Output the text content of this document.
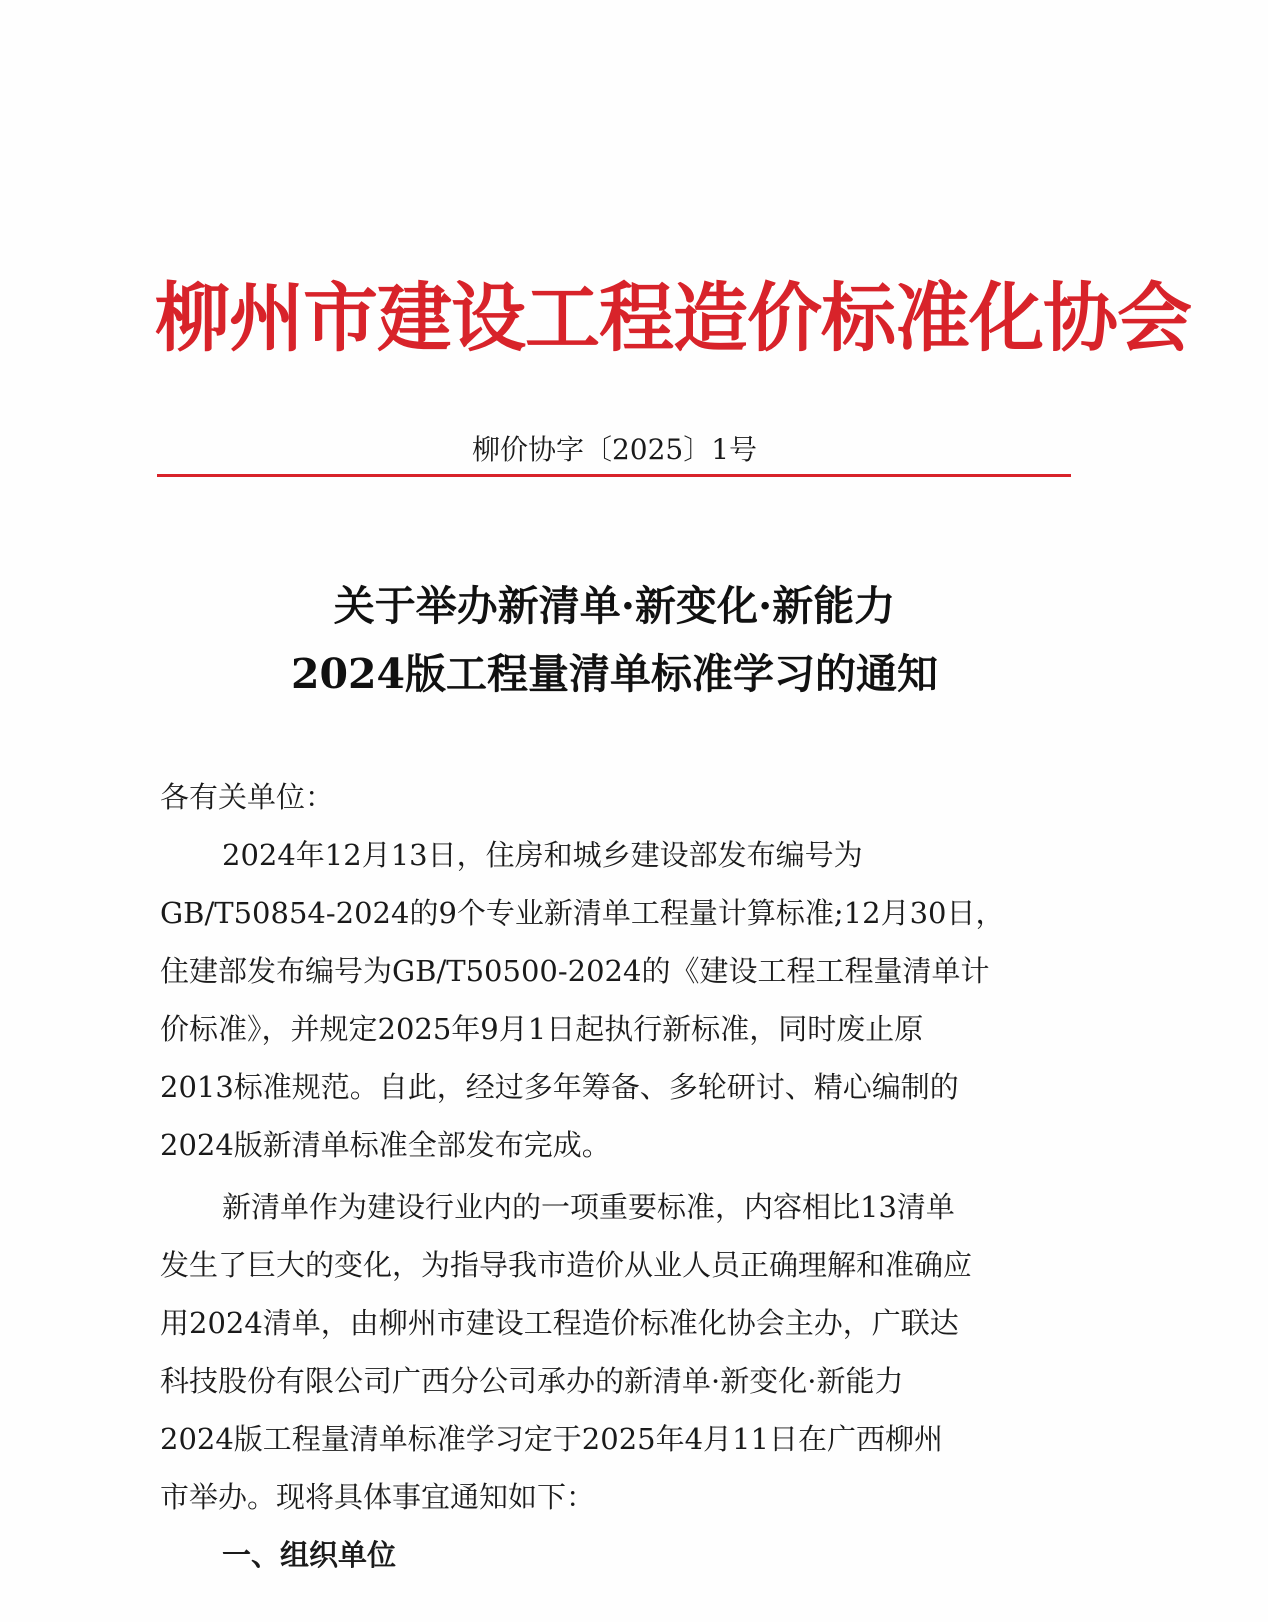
柳州市建设工程造价标准化协会
柳价协字〔2025〕1号
关于举办新清单·新变化·新能力
2024版工程量清单标准学习的通知
各有关单位：
2024年12月13日，住房和城乡建设部发布编号为
GB/T50854-2024的9个专业新清单工程量计算标准;12月30日，
住建部发布编号为GB/T50500-2024的《建设工程工程量清单计
价标准》，并规定2025年9月1日起执行新标准，同时废止原
2013标准规范。自此，经过多年筹备、多轮研讨、精心编制的
2024版新清单标准全部发布完成。
新清单作为建设行业内的一项重要标准，内容相比13清单
发生了巨大的变化，为指导我市造价从业人员正确理解和准确应
用2024清单，由柳州市建设工程造价标准化协会主办，广联达
科技股份有限公司广西分公司承办的新清单·新变化·新能力
2024版工程量清单标准学习定于2025年4月11日在广西柳州
市举办。现将具体事宜通知如下：
一、组织单位
